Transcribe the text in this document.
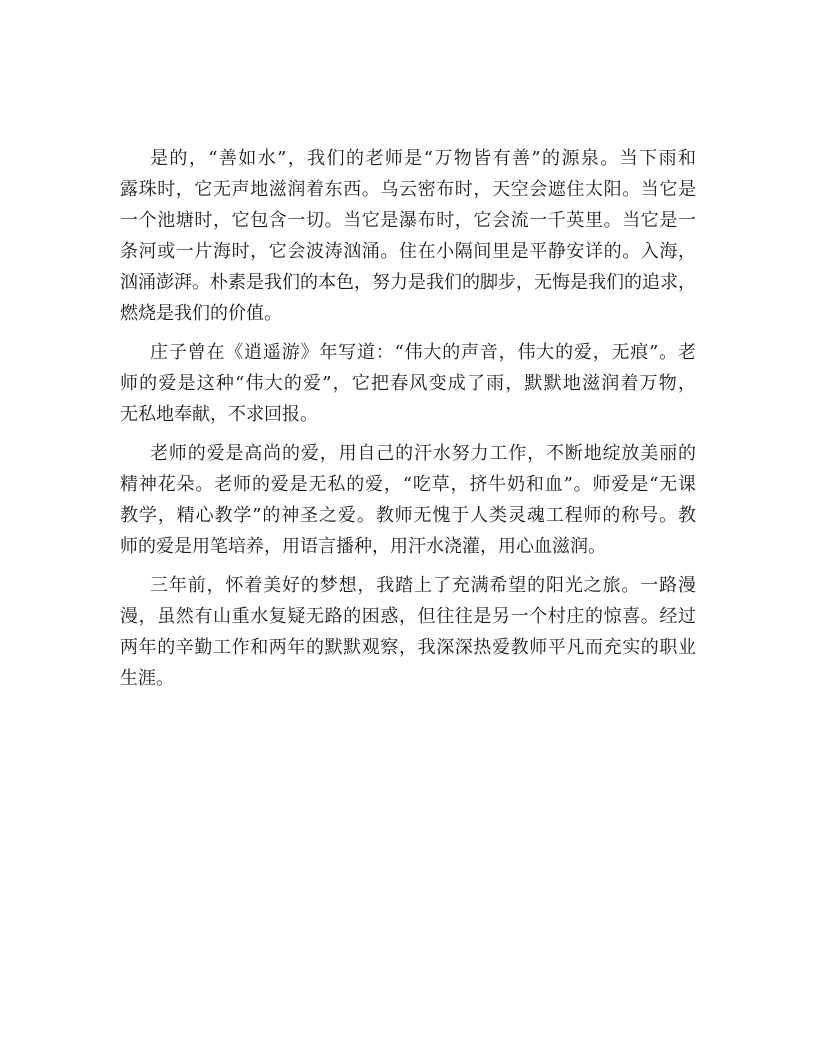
是的，“善如水”，我们的老师是“万物皆有善”的源泉。当下雨和
露珠时，它无声地滋润着东西。乌云密布时，天空会遮住太阳。当它是
一个池塘时，它包含一切。当它是瀑布时，它会流一千英里。当它是一
条河或一片海时，它会波涛汹涌。住在小隔间里是平静安详的。入海，
汹涌澎湃。朴素是我们的本色，努力是我们的脚步，无悔是我们的追求，
燃烧是我们的价值。
庄子曾在《逍遥游》年写道：“伟大的声音，伟大的爱，无痕”。老
师的爱是这种“伟大的爱”，它把春风变成了雨，默默地滋润着万物，
无私地奉献，不求回报。
老师的爱是高尚的爱，用自己的汗水努力工作，不断地绽放美丽的
精神花朵。老师的爱是无私的爱，“吃草，挤牛奶和血”。师爱是“无课
教学，精心教学”的神圣之爱。教师无愧于人类灵魂工程师的称号。教
师的爱是用笔培养，用语言播种，用汗水浇灌，用心血滋润。
三年前，怀着美好的梦想，我踏上了充满希望的阳光之旅。一路漫
漫，虽然有山重水复疑无路的困惑，但往往是另一个村庄的惊喜。经过
两年的辛勤工作和两年的默默观察，我深深热爱教师平凡而充实的职业
生涯。
